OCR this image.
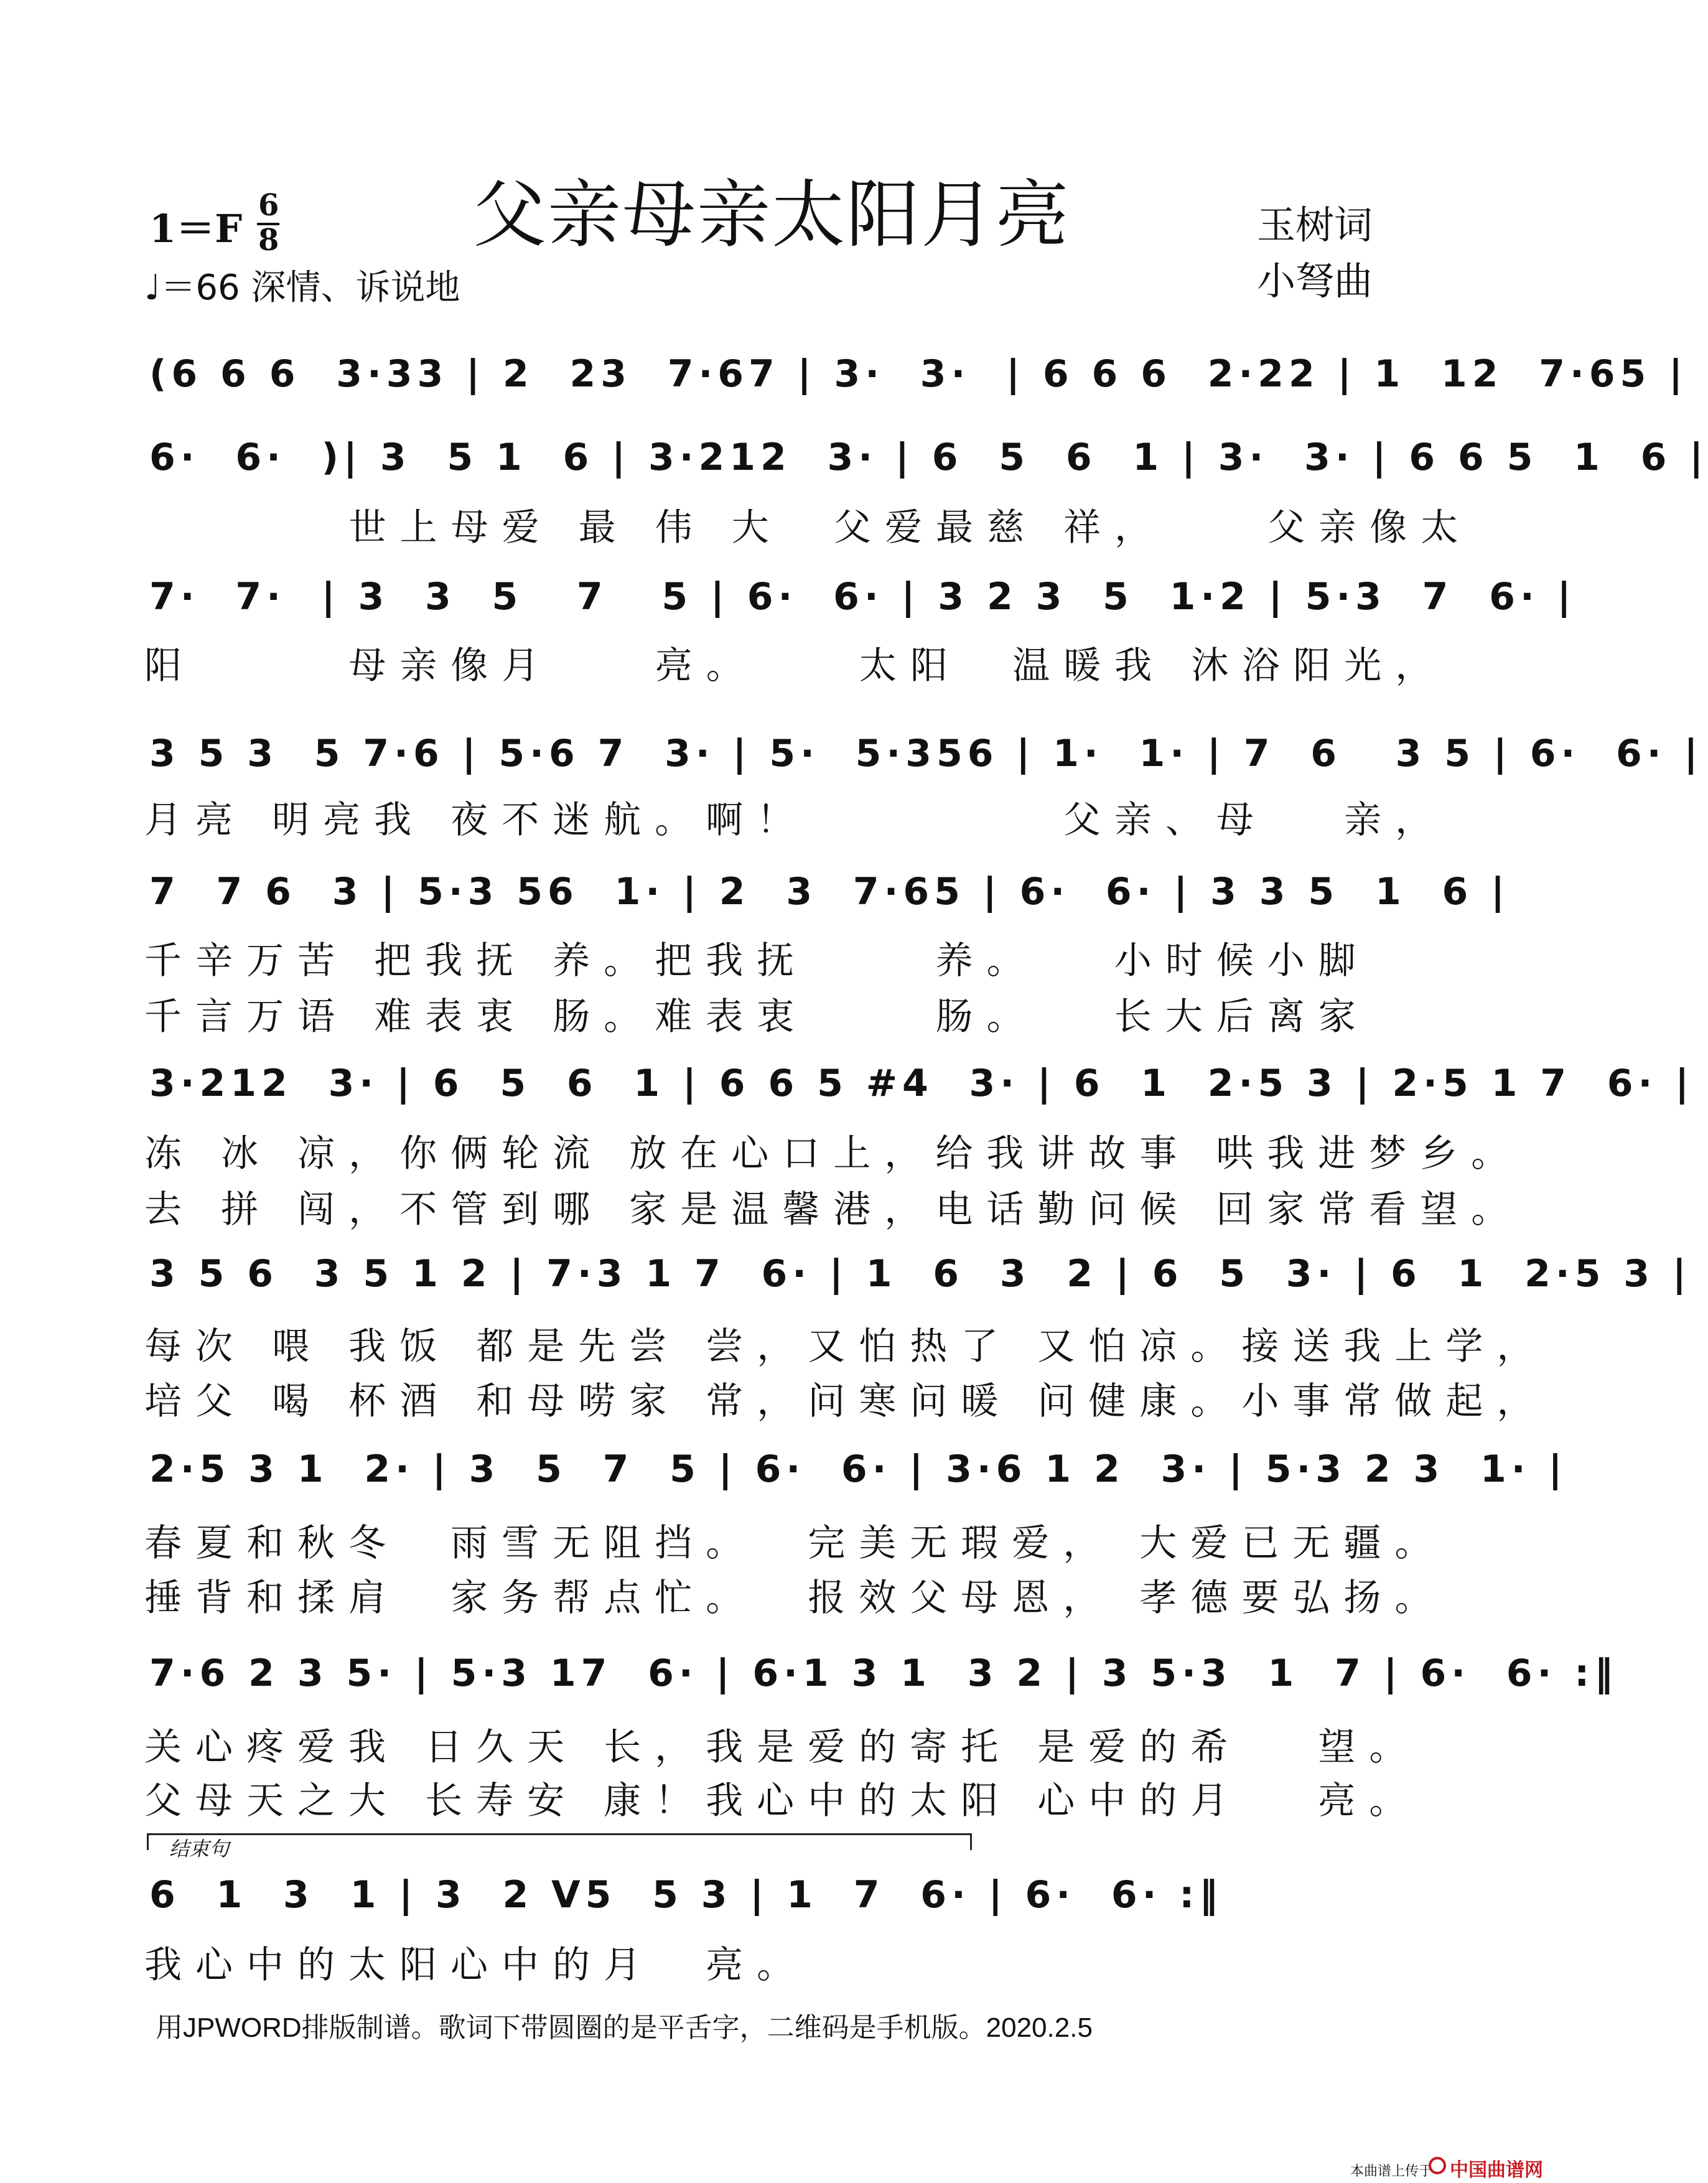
父亲母亲太阳月亮
1＝F
6
8
♩＝66 深情、诉说地
玉树词
小弩曲
(6 6 6  3·33 | 2  23  7·67 | 3·  3·  | 6 6 6  2·22 | 1  12  7·65 |
6·  6·  )| 3  5 1  6 | 3·212  3· | 6  5  6  1 | 3·  3· | 6 6 5  1  6 |
世上母爱 最 伟 大  父爱最慈 祥，    父亲像太
7·  7·  | 3  3  5   7   5 | 6·  6· | 3 2 3  5  1·2 | 5·3  7  6· |
阳      母亲像月    亮。    太阳  温暖我 沐浴阳光，
3 5 3  5 7·6 | 5·6 7  3· | 5·  5·356 | 1·  1· | 7  6   3 5 | 6·  6· |
月亮 明亮我 夜不迷航。啊！          父亲、母   亲，
7  7 6  3 | 5·3 56  1· | 2  3  7·65 | 6·  6· | 3 3 5  1  6 |
千辛万苦 把我抚 养。把我抚     养。   小时候小脚
千言万语 难表衷 肠。难表衷     肠。   长大后离家
3·212  3· | 6  5  6  1 | 6 6 5 #4  3· | 6  1  2·5 3 | 2·5 1 7  6· |
冻 冰 凉，你俩轮流 放在心口上，给我讲故事 哄我进梦乡。
去 拼 闯，不管到哪 家是温馨港，电话勤问候 回家常看望。
3 5 6  3 5 1 2 | 7·3 1 7  6· | 1  6  3  2 | 6  5  3· | 6  1  2·5 3 |
每次 喂 我饭 都是先尝 尝，又怕热了 又怕凉。接送我上学，
培父 喝 杯酒 和母唠家 常，问寒问暖 问健康。小事常做起，
2·5 3 1  2· | 3  5  7  5 | 6·  6· | 3·6 1 2  3· | 5·3 2 3  1· |
春夏和秋冬  雨雪无阻挡。  完美无瑕爱， 大爱已无疆。
捶背和揉肩  家务帮点忙。  报效父母恩， 孝德要弘扬。
7·6 2 3 5· | 5·3 17  6· | 6·1 3 1  3 2 | 3 5·3  1  7 | 6·  6· :‖
关心疼爱我 日久天 长，我是爱的寄托 是爱的希   望。
父母天之大 长寿安 康！我心中的太阳 心中的月   亮。
结束句
6  1  3  1 | 3  2 V5  5 3 | 1  7  6· | 6·  6· :‖
我心中的太阳心中的月  亮。
用JPWORD排版制谱。歌词下带圆圈的是平舌字，二维码是手机版。2020.2.5
本曲谱上传于 中国曲谱网
